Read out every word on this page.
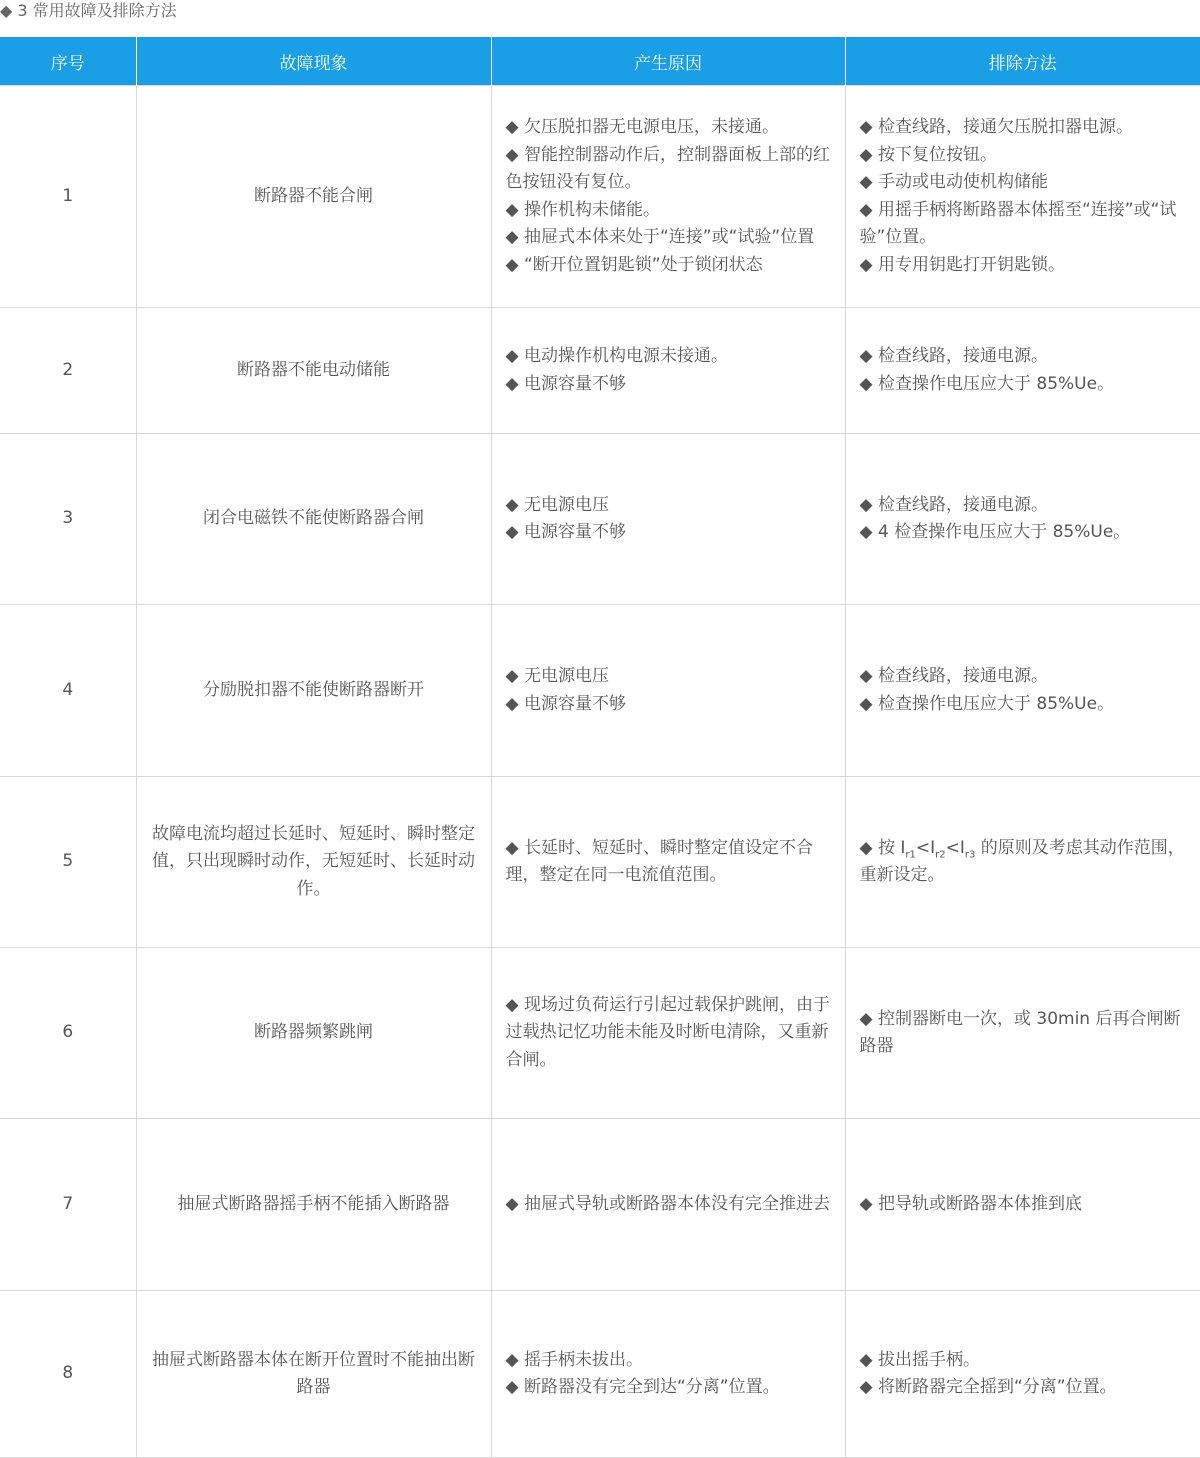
◆ 3 常用故障及排除方法
序号	故障现象	产生原因	排除方法
1	断路器不能合闸	◆ 欠压脱扣器无电源电压，未接通。
◆ 智能控制器动作后，控制器面板上部的红色按钮没有复位。
◆ 操作机构未储能。
◆ 抽屉式本体来处于“连接”或“试验”位置
◆ “断开位置钥匙锁”处于锁闭状态	◆ 检查线路，接通欠压脱扣器电源。
◆ 按下复位按钮。
◆ 手动或电动使机构储能
◆ 用摇手柄将断路器本体摇至“连接”或“试验”位置。
◆ 用专用钥匙打开钥匙锁。

2	断路器不能电动储能	◆ 电动操作机构电源未接通。
◆ 电源容量不够	◆ 检查线路，接通电源。
◆ 检查操作电压应大于 85%Ue。

3	闭合电磁铁不能使断路器合闸	◆ 无电源电压
◆ 电源容量不够	◆ 检查线路，接通电源。
◆ 4 检查操作电压应大于 85%Ue。

4	分励脱扣器不能使断路器断开	◆ 无电源电压
◆ 电源容量不够	◆ 检查线路，接通电源。
◆ 检查操作电压应大于 85%Ue。

5	故障电流均超过长延时、短延时、瞬时整定值，只出现瞬时动作，无短延时、长延时动作。	◆ 长延时、短延时、瞬时整定值设定不合理，整定在同一电流值范围。	◆ 按 $I_{r1}<I_{r2}<I_{r3}$ 的原则及考虑其动作范围，重新设定。

6	断路器频繁跳闸	◆ 现场过负荷运行引起过载保护跳闸，由于过载热记忆功能未能及时断电清除，又重新合闸。	◆ 控制器断电一次，或 30min 后再合闸断路器

7	抽屉式断路器摇手柄不能插入断路器	◆ 抽屉式导轨或断路器本体没有完全推进去	◆ 把导轨或断路器本体推到底

8	抽屉式断路器本体在断开位置时不能抽出断路器	◆ 摇手柄未拔出。
◆ 断路器没有完全到达“分离”位置。	◆ 拔出摇手柄。
◆ 将断路器完全摇到“分离”位置。
